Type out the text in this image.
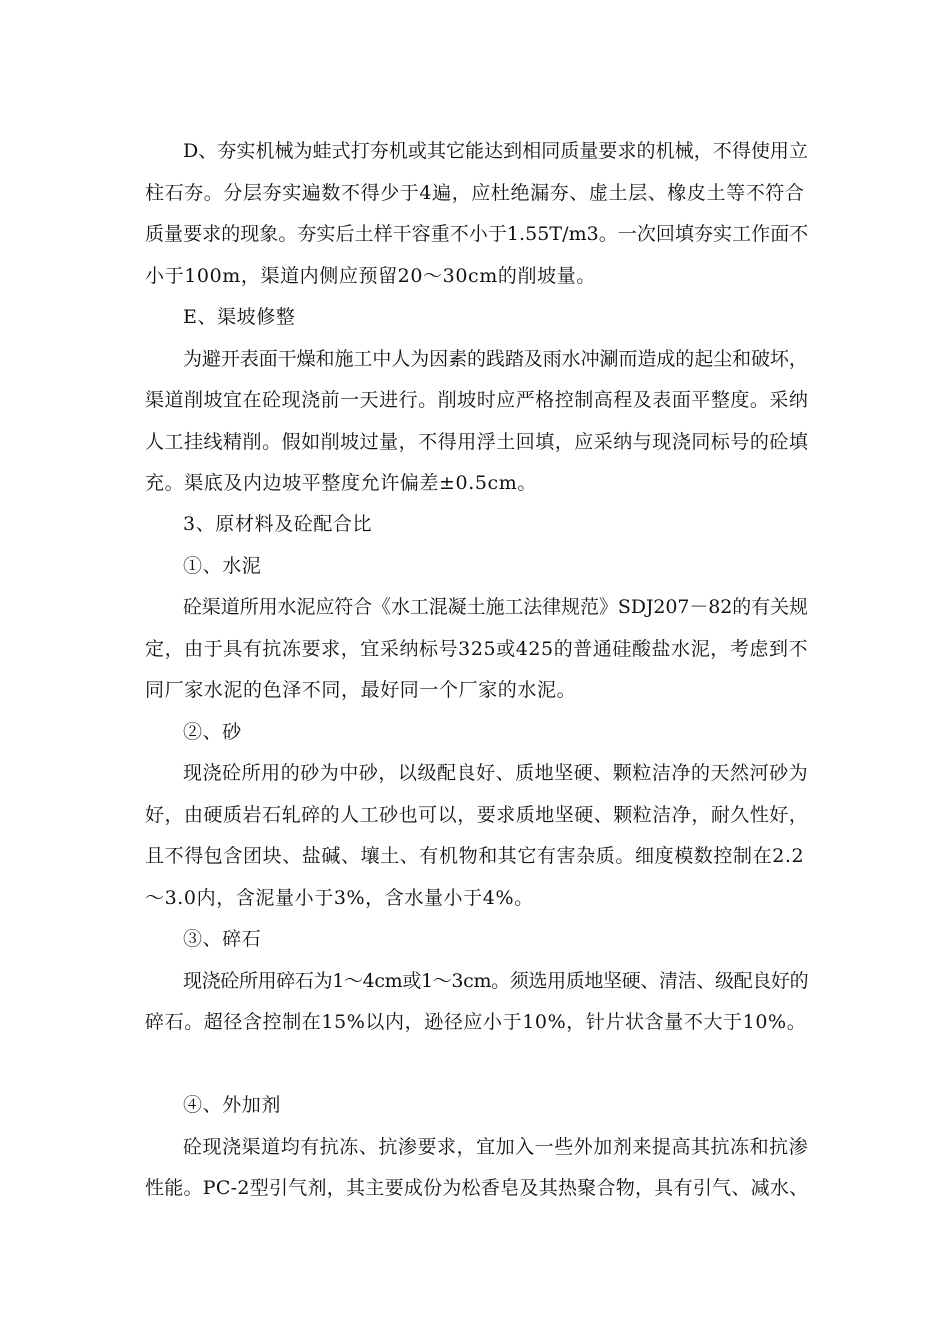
D、夯实机械为蛙式打夯机或其它能达到相同质量要求的机械，不得使用立
柱石夯。分层夯实遍数不得少于4遍，应杜绝漏夯、虚土层、橡皮土等不符合
质量要求的现象。夯实后土样干容重不小于1.55T/m3。一次回填夯实工作面不
小于100m，渠道内侧应预留20～30cm的削坡量。
E、渠坡修整
为避开表面干燥和施工中人为因素的践踏及雨水冲涮而造成的起尘和破坏，
渠道削坡宜在砼现浇前一天进行。削坡时应严格控制高程及表面平整度。采纳
人工挂线精削。假如削坡过量，不得用浮土回填，应采纳与现浇同标号的砼填
充。渠底及内边坡平整度允许偏差±0.5cm。
3、原材料及砼配合比
①、水泥
砼渠道所用水泥应符合《水工混凝土施工法律规范》SDJ207－82的有关规
定，由于具有抗冻要求，宜采纳标号325或425的普通硅酸盐水泥，考虑到不
同厂家水泥的色泽不同，最好同一个厂家的水泥。
②、砂
现浇砼所用的砂为中砂，以级配良好、质地坚硬、颗粒洁净的天然河砂为
好，由硬质岩石轧碎的人工砂也可以，要求质地坚硬、颗粒洁净，耐久性好，
且不得包含团块、盐碱、壤土、有机物和其它有害杂质。细度模数控制在2.2
～3.0内，含泥量小于3%，含水量小于4%。
③、碎石
现浇砼所用碎石为1～4cm或1～3cm。须选用质地坚硬、清洁、级配良好的
碎石。超径含控制在15%以内，逊径应小于10%，针片状含量不大于10%。
④、外加剂
砼现浇渠道均有抗冻、抗渗要求，宜加入一些外加剂来提高其抗冻和抗渗
性能。PC-2型引气剂，其主要成份为松香皂及其热聚合物，具有引气、减水、
